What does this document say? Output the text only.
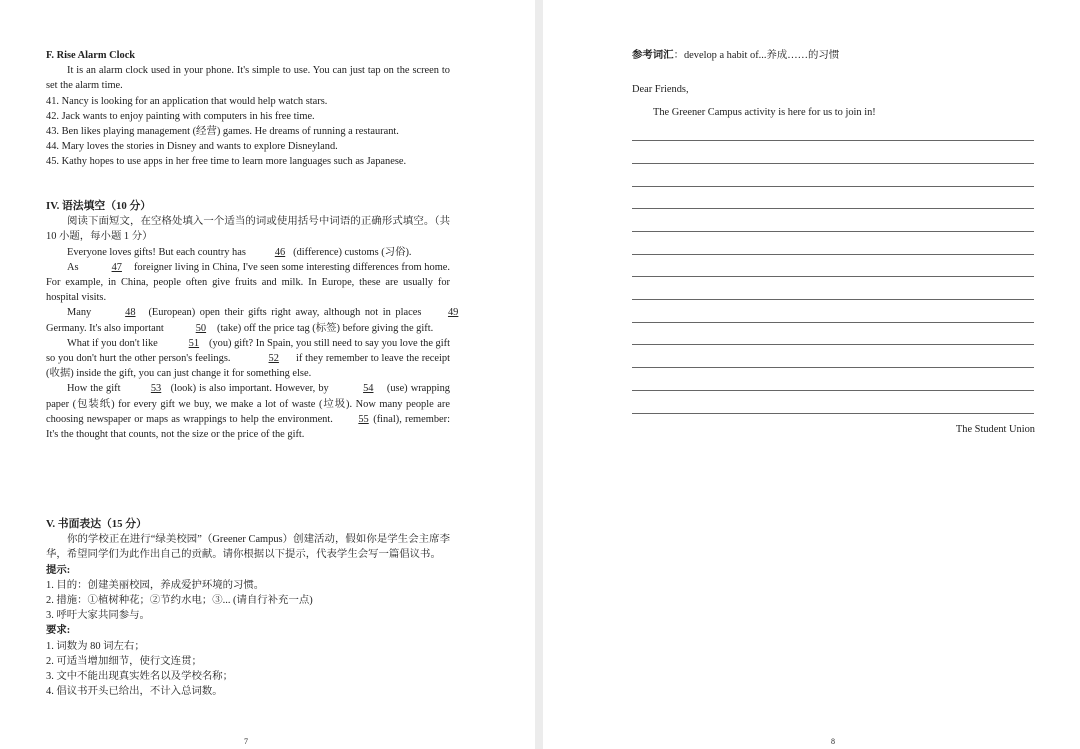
F. Rise Alarm Clock
It is an alarm clock used in your phone. It's simple to use. You can just tap on the screen to set the alarm time.
41. Nancy is looking for an application that would help watch stars.
42. Jack wants to enjoy painting with computers in his free time.
43. Ben likes playing management (经营) games. He dreams of running a restaurant.
44. Mary loves the stories in Disney and wants to explore Disneyland.
45. Kathy hopes to use apps in her free time to learn more languages such as Japanese.
IV. 语法填空（10 分）
阅读下面短文，在空格处填入一个适当的词或使用括号中词语的正确形式填空。（共 10 小题，每小题 1 分）
Everyone loves gifts! But each country has	46 (difference) customs (习俗).
As	47 foreigner living in China, I've seen some interesting differences from home. For example, in China, people often give fruits and milk. In Europe, these are usually for hospital visits.
Many	48 (European) open their gifts right away, although not in places	49 Germany. It's also important	50 (take) off the price tag (标签) before giving the gift.
What if you don't like	51 (you) gift? In Spain, you still need to say you love the gift so you don't hurt the other person's feelings.	52 if they remember to leave the receipt (收据) inside the gift, you can just change it for something else.
How the gift	53 (look) is also important. However, by	54 (use) wrapping paper (包装纸) for every gift we buy, we make a lot of waste (垃圾). Now many people are choosing newspaper or maps as wrappings to help the environment. 55 (final), remember: It's the thought that counts, not the size or the price of the gift.
V. 书面表达（15 分）
你的学校正在进行“绿美校园”（Greener Campus）创建活动，假如你是学生会主席李华，希望同学们为此作出自己的贡献。请你根据以下提示，代表学生会写一篇倡议书。
提示:
1. 目的：创建美丽校园，养成爱护环境的习惯。
2. 措施：①植树种花；②节约水电；③... (请自行补充一点)
3. 呼吁大家共同参与。
要求:
1. 词数为 80 词左右；
2. 可适当增加细节，使行文连贯；
3. 文中不能出现真实姓名以及学校名称；
4. 倡议书开头已给出，不计入总词数。
7
参考词汇：develop a habit of...养成……的习惯
Dear Friends,
The Greener Campus activity is here for us to join in!
The Student Union
8
